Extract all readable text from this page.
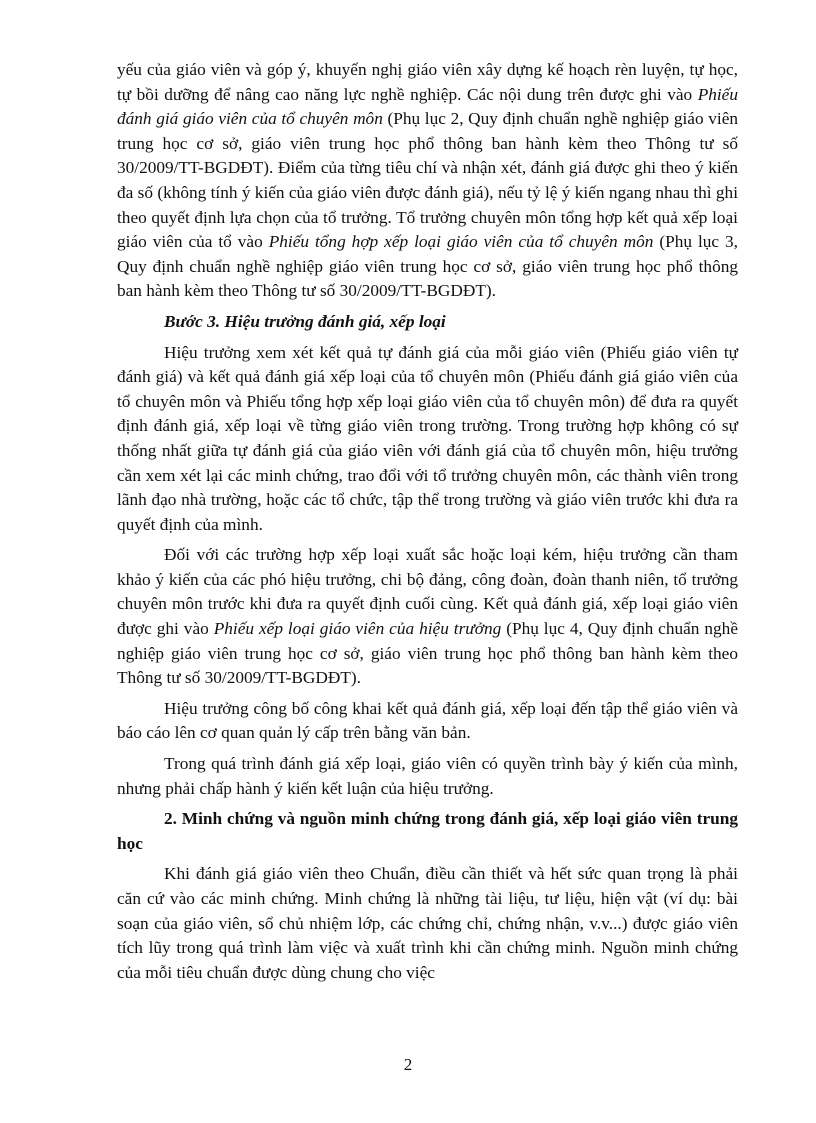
yếu của giáo viên và góp ý, khuyến nghị giáo viên xây dựng kế hoạch rèn luyện, tự học, tự bồi dưỡng để nâng cao năng lực nghề nghiệp. Các nội dung trên được ghi vào Phiếu đánh giá giáo viên của tổ chuyên môn (Phụ lục 2, Quy định chuẩn nghề nghiệp giáo viên trung học cơ sở, giáo viên trung học phổ thông ban hành kèm theo Thông tư số 30/2009/TT-BGDĐT). Điểm của từng tiêu chí và nhận xét, đánh giá được ghi theo ý kiến đa số (không tính ý kiến của giáo viên được đánh giá), nếu tỷ lệ ý kiến ngang nhau thì ghi theo quyết định lựa chọn của tổ trưởng. Tổ trưởng chuyên môn tổng hợp kết quả xếp loại giáo viên của tổ vào Phiếu tổng hợp xếp loại giáo viên của tổ chuyên môn (Phụ lục 3, Quy định chuẩn nghề nghiệp giáo viên trung học cơ sở, giáo viên trung học phổ thông ban hành kèm theo Thông tư số 30/2009/TT-BGDĐT).

Bước 3. Hiệu trưởng đánh giá, xếp loại

Hiệu trưởng xem xét kết quả tự đánh giá của mỗi giáo viên (Phiếu giáo viên tự đánh giá) và kết quả đánh giá xếp loại của tổ chuyên môn (Phiếu đánh giá giáo viên của tổ chuyên môn và Phiếu tổng hợp xếp loại giáo viên của tổ chuyên môn) để đưa ra quyết định đánh giá, xếp loại về từng giáo viên trong trường. Trong trường hợp không có sự thống nhất giữa tự đánh giá của giáo viên với đánh giá của tổ chuyên môn, hiệu trưởng cần xem xét lại các minh chứng, trao đổi với tổ trưởng chuyên môn, các thành viên trong lãnh đạo nhà trường, hoặc các tổ chức, tập thể trong trường và giáo viên trước khi đưa ra quyết định của mình.

Đối với các trường hợp xếp loại xuất sắc hoặc loại kém, hiệu trưởng cần tham khảo ý kiến của các phó hiệu trưởng, chi bộ đảng, công đoàn, đoàn thanh niên, tổ trưởng chuyên môn trước khi đưa ra quyết định cuối cùng. Kết quả đánh giá, xếp loại giáo viên được ghi vào Phiếu xếp loại giáo viên của hiệu trưởng (Phụ lục 4, Quy định chuẩn nghề nghiệp giáo viên trung học cơ sở, giáo viên trung học phổ thông ban hành kèm theo Thông tư số 30/2009/TT-BGDĐT).

Hiệu trưởng công bố công khai kết quả đánh giá, xếp loại đến tập thể giáo viên và báo cáo lên cơ quan quản lý cấp trên bằng văn bản.

Trong quá trình đánh giá xếp loại, giáo viên có quyền trình bày ý kiến của mình, nhưng phải chấp hành ý kiến kết luận của hiệu trưởng.

2. Minh chứng và nguồn minh chứng trong đánh giá, xếp loại giáo viên trung học

Khi đánh giá giáo viên theo Chuẩn, điều cần thiết và hết sức quan trọng là phải căn cứ vào các minh chứng. Minh chứng là những tài liệu, tư liệu, hiện vật (ví dụ: bài soạn của giáo viên, sổ chủ nhiệm lớp, các chứng chỉ, chứng nhận, v.v...) được giáo viên tích lũy trong quá trình làm việc và xuất trình khi cần chứng minh. Nguồn minh chứng của mỗi tiêu chuẩn được dùng chung cho việc

2
